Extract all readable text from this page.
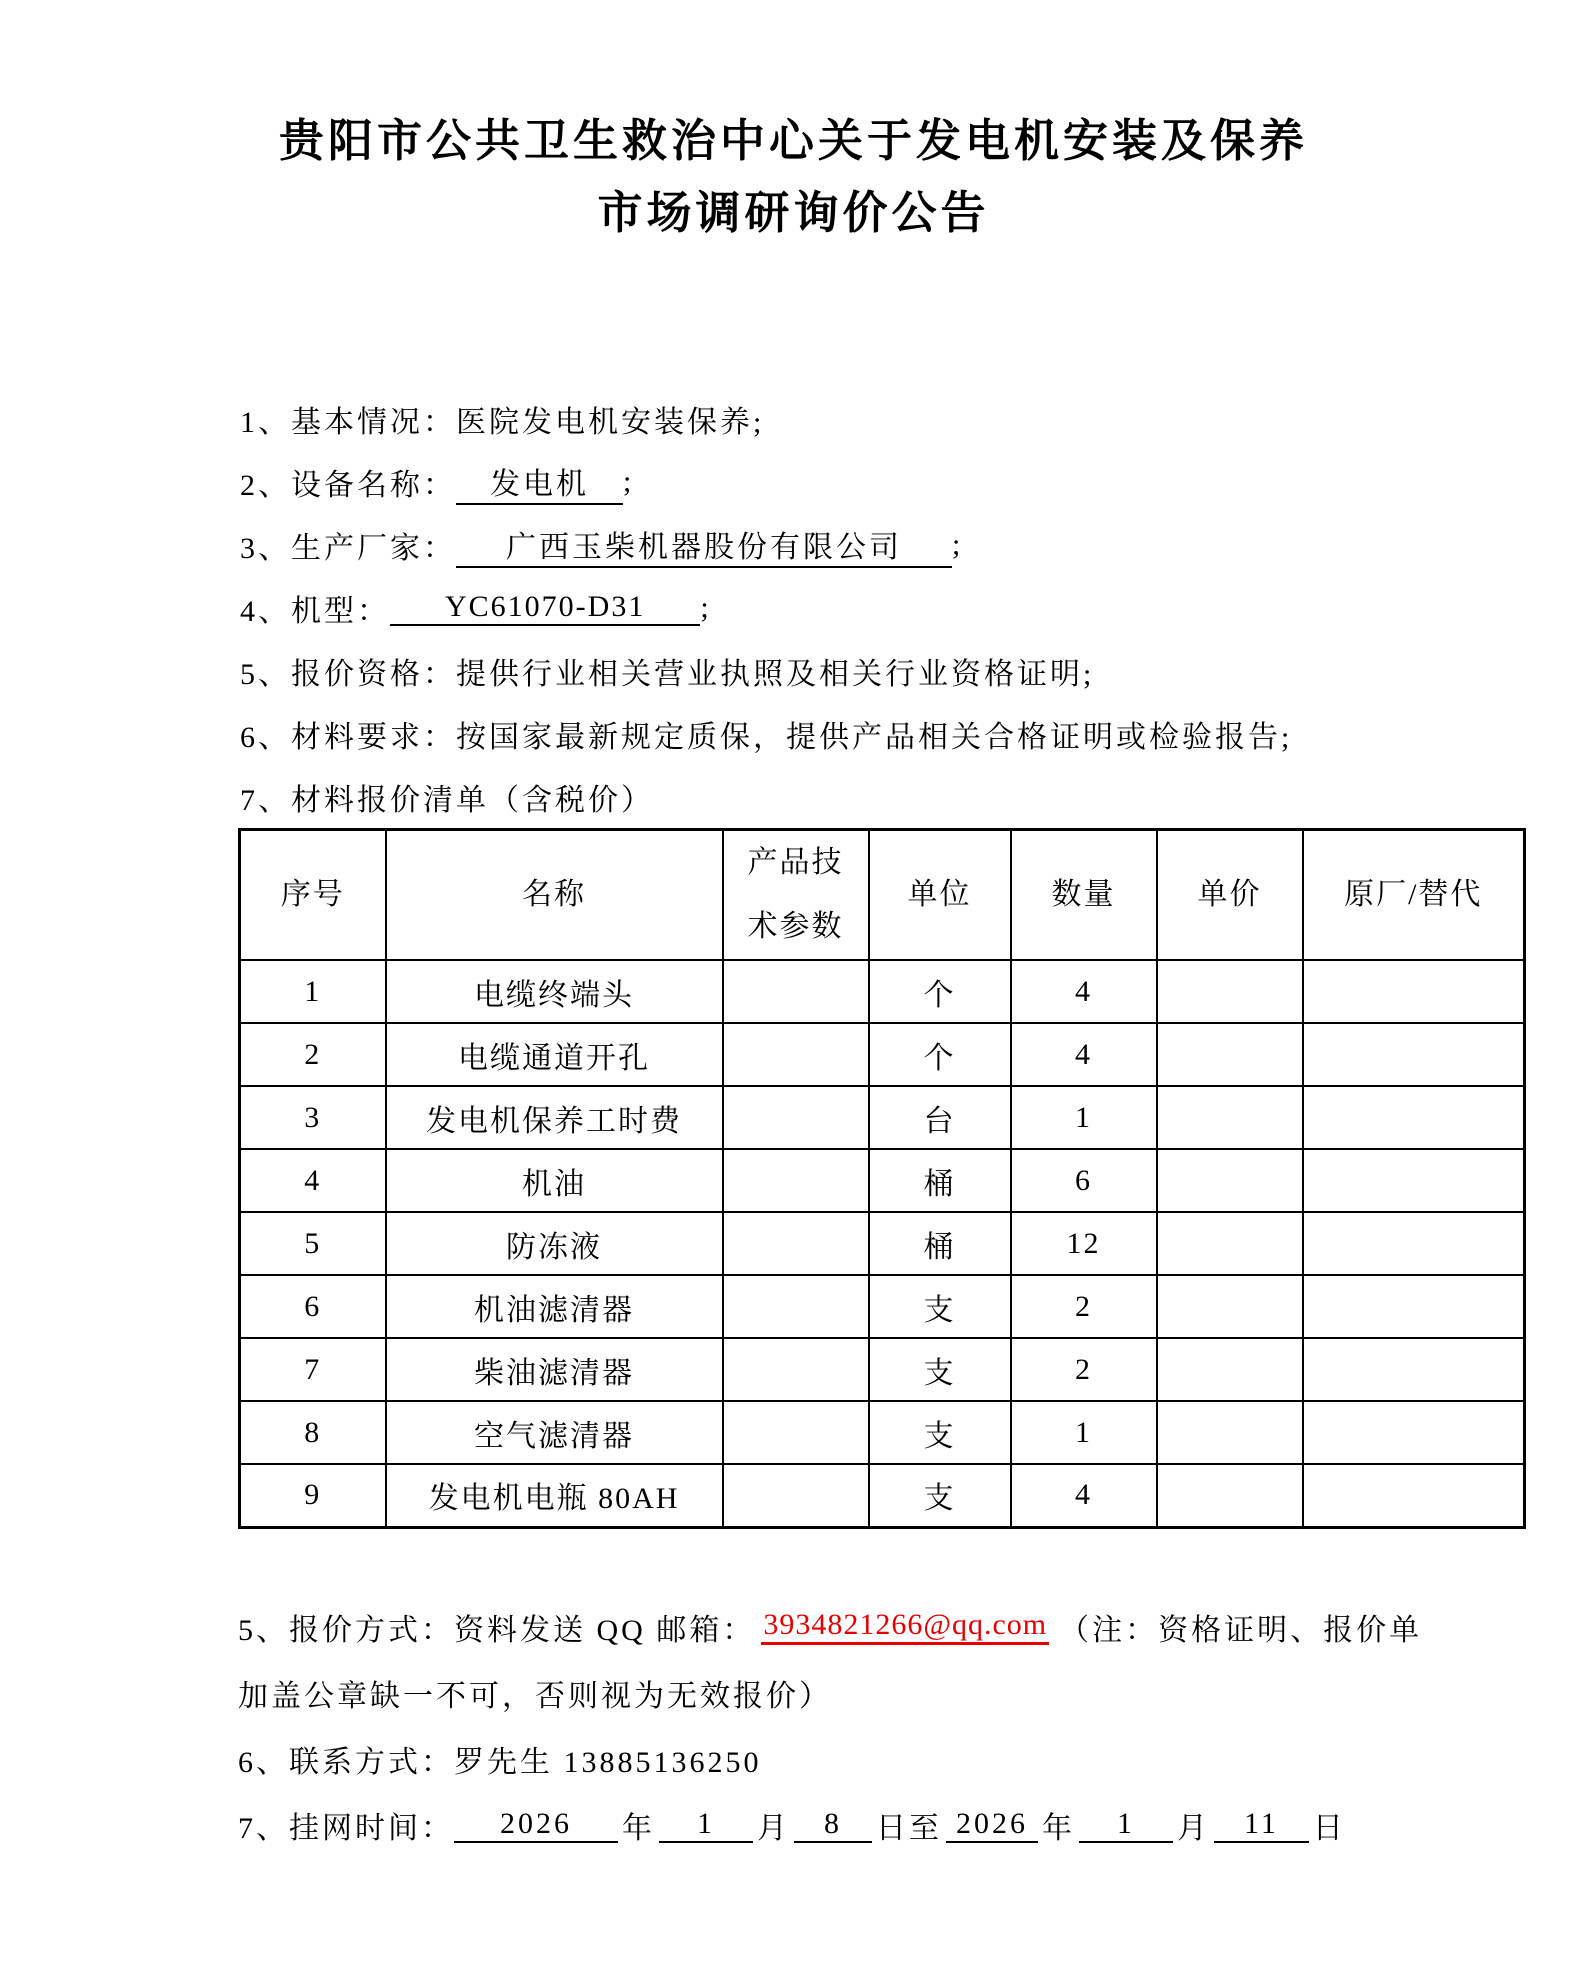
贵阳市公共卫生救治中心关于发电机安装及保养
市场调研询价公告
1、基本情况：医院发电机安装保养;
2、设备名称：	发电机	;
3、生产厂家：	广西玉柴机器股份有限公司	;
4、机型：	YC61070-D31	;
5、报价资格：提供行业相关营业执照及相关行业资格证明;
6、材料要求：按国家最新规定质保，提供产品相关合格证明或检验报告;
7、材料报价清单（含税价）
序号	名称	产品技术参数	单位	数量	单价	原厂/替代
1	电缆终端头		个	4		
2	电缆通道开孔		个	4		
3	发电机保养工时费		台	1		
4	机油		桶	6		
5	防冻液		桶	12		
6	机油滤清器		支	2		
7	柴油滤清器		支	2		
8	空气滤清器		支	1		
9	发电机电瓶 80AH		支	4		
5、报价方式：资料发送 QQ 邮箱： 3934821266@qq.com （注：资格证明、报价单
加盖公章缺一不可，否则视为无效报价）
6、联系方式：罗先生 13885136250
7、挂网时间：	2026	年	1	月	8	日至 2026 年	1	月	11	日
